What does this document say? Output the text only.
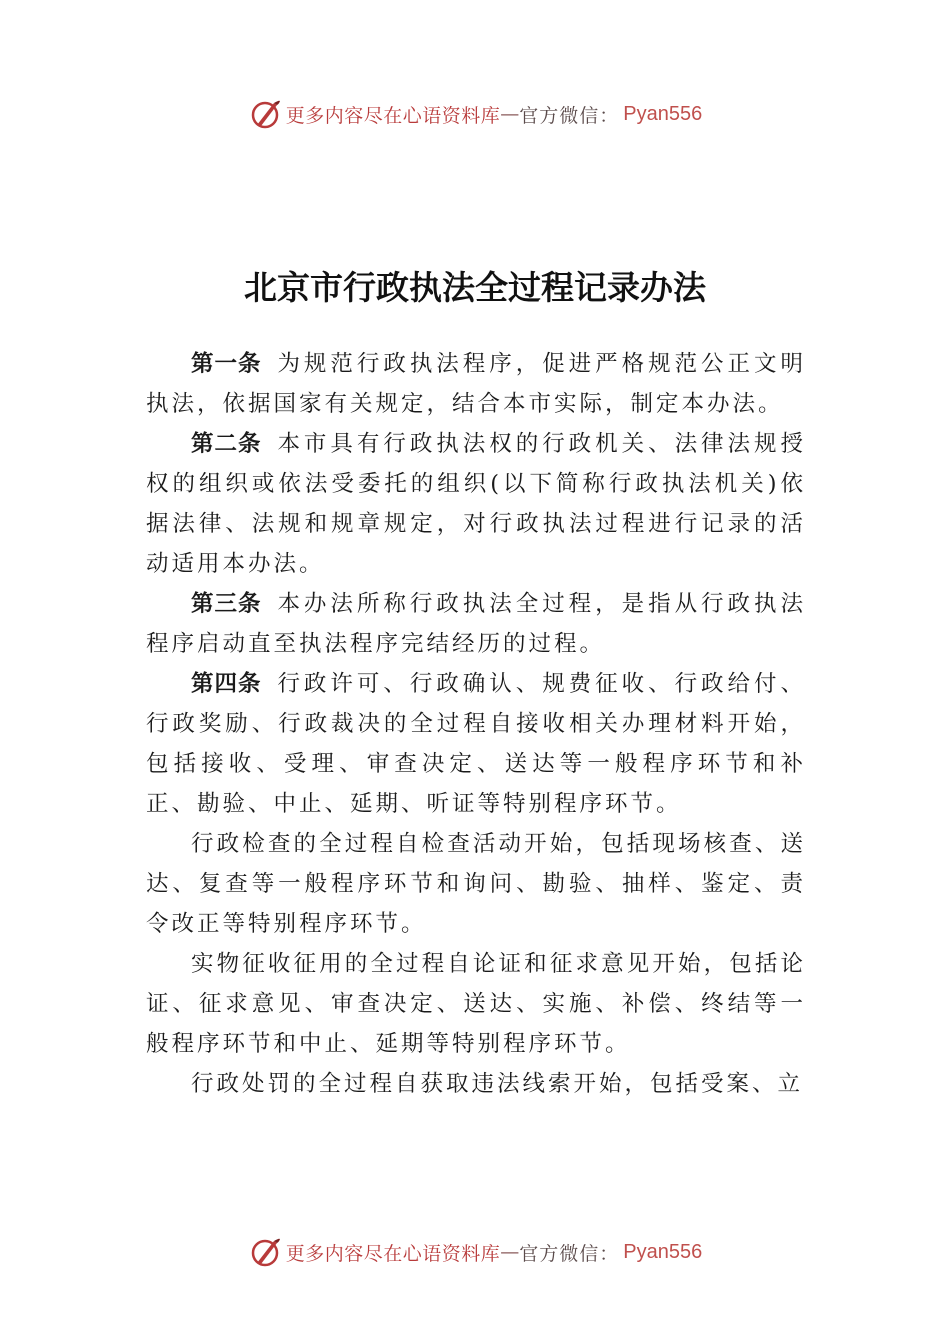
更多内容尽在心语资料库 — 官方微信： Pyan556
北京市行政执法全过程记录办法

第一条 为规范行政执法程序，促进严格规范公正文明执法，依据国家有关规定，结合本市实际，制定本办法。

第二条 本市具有行政执法权的行政机关、法律法规授权的组织或依法受委托的组织(以下简称行政执法机关)依据法律、法规和规章规定，对行政执法过程进行记录的活动适用本办法。

第三条 本办法所称行政执法全过程，是指从行政执法程序启动直至执法程序完结经历的过程。

第四条 行政许可、行政确认、规费征收、行政给付、行政奖励、行政裁决的全过程自接收相关办理材料开始，包括接收、受理、审查决定、送达等一般程序环节和补正、勘验、中止、延期、听证等特别程序环节。

行政检查的全过程自检查活动开始，包括现场核查、送达、复查等一般程序环节和询问、勘验、抽样、鉴定、责令改正等特别程序环节。

实物征收征用的全过程自论证和征求意见开始，包括论证、征求意见、审查决定、送达、实施、补偿、终结等一般程序环节和中止、延期等特别程序环节。

行政处罚的全过程自获取违法线索开始，包括受案、立

更多内容尽在心语资料库 — 官方微信： Pyan556
